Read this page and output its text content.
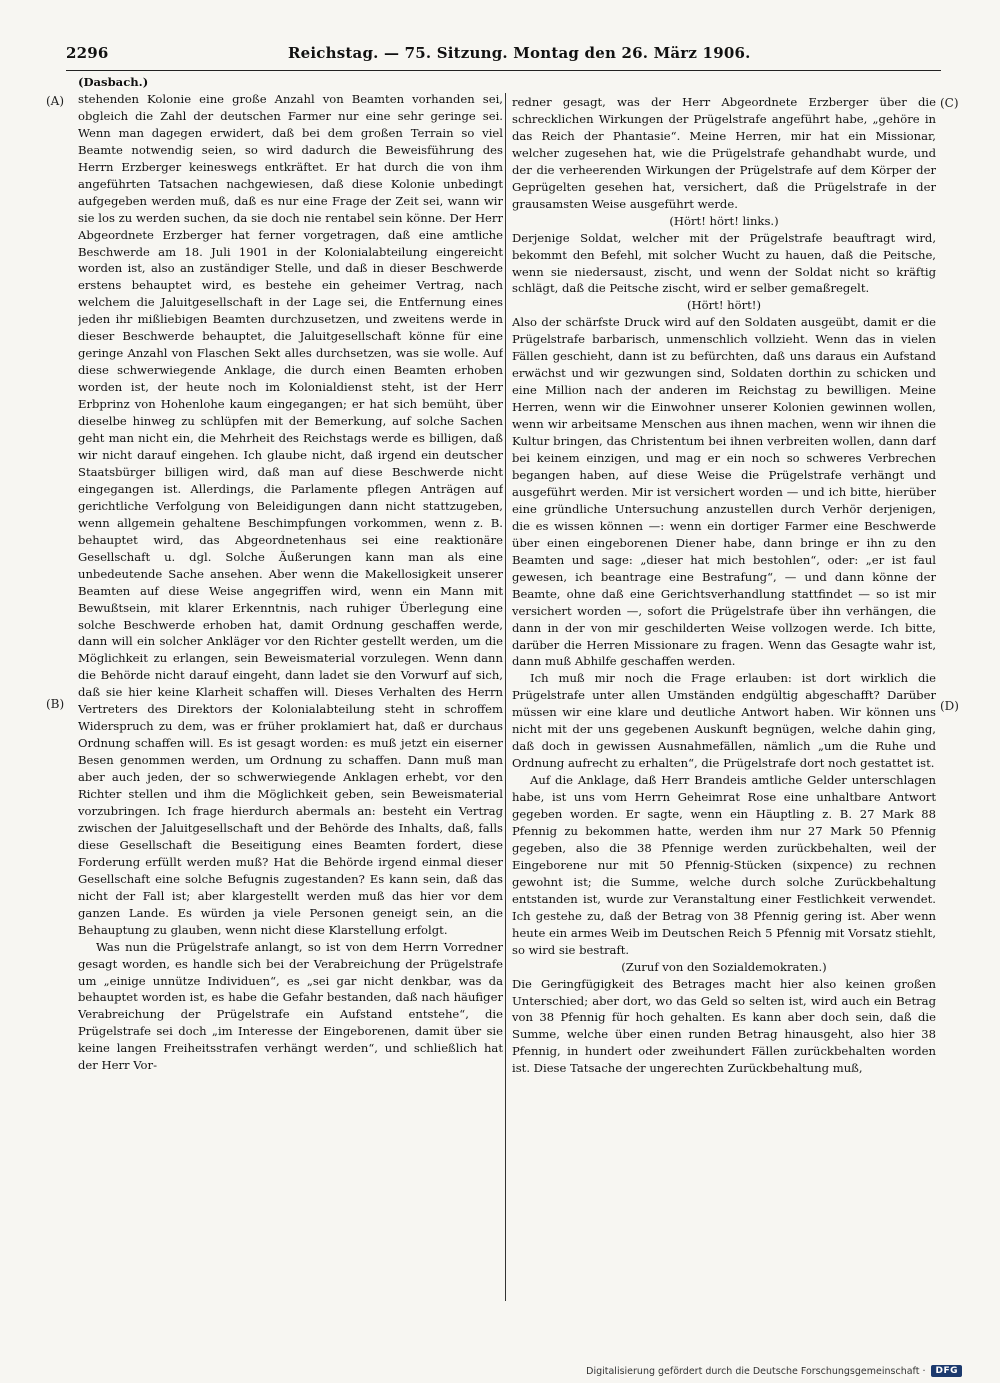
2296	Reichstag. — 75. Sitzung. Montag den 26. März 1906.
(A)
(B)
(C)
(D)

(Dasbach.)

stehenden Kolonie eine große Anzahl von Beamten vorhanden sei, obgleich die Zahl der deutschen Farmer nur eine sehr geringe sei. Wenn man dagegen erwidert, daß bei dem großen Terrain so viel Beamte notwendig seien, so wird dadurch die Beweisführung des Herrn Erzberger keineswegs entkräftet. Er hat durch die von ihm angeführten Tatsachen nachgewiesen, daß diese Kolonie unbedingt aufgegeben werden muß, daß es nur eine Frage der Zeit sei, wann wir sie los zu werden suchen, da sie doch nie rentabel sein könne. Der Herr Abgeordnete Erzberger hat ferner vorgetragen, daß eine amtliche Beschwerde am 18. Juli 1901 in der Kolonialabteilung eingereicht worden ist, also an zuständiger Stelle, und daß in dieser Beschwerde erstens behauptet wird, es bestehe ein geheimer Vertrag, nach welchem die Jaluitgesellschaft in der Lage sei, die Entfernung eines jeden ihr mißliebigen Beamten durchzusetzen, und zweitens werde in dieser Beschwerde behauptet, die Jaluitgesellschaft könne für eine geringe Anzahl von Flaschen Sekt alles durchsetzen, was sie wolle. Auf diese schwerwiegende Anklage, die durch einen Beamten erhoben worden ist, der heute noch im Kolonialdienst steht, ist der Herr Erbprinz von Hohenlohe kaum eingegangen; er hat sich bemüht, über dieselbe hinweg zu schlüpfen mit der Bemerkung, auf solche Sachen geht man nicht ein, die Mehrheit des Reichstags werde es billigen, daß wir nicht darauf eingehen. Ich glaube nicht, daß irgend ein deutscher Staatsbürger billigen wird, daß man auf diese Beschwerde nicht eingegangen ist. Allerdings, die Parlamente pflegen Anträgen auf gerichtliche Verfolgung von Beleidigungen dann nicht stattzugeben, wenn allgemein gehaltene Beschimpfungen vorkommen, wenn z. B. behauptet wird, das Abgeordnetenhaus sei eine reaktionäre Gesellschaft u. dgl. Solche Äußerungen kann man als eine unbedeutende Sache ansehen. Aber wenn die Makellosigkeit unserer Beamten auf diese Weise angegriffen wird, wenn ein Mann mit Bewußtsein, mit klarer Erkenntnis, nach ruhiger Überlegung eine solche Beschwerde erhoben hat, damit Ordnung geschaffen werde, dann will ein solcher Ankläger vor den Richter gestellt werden, um die Möglichkeit zu erlangen, sein Beweismaterial vorzulegen. Wenn dann die Behörde nicht darauf eingeht, dann ladet sie den Vorwurf auf sich, daß sie hier keine Klarheit schaffen will. Dieses Verhalten des Herrn Vertreters des Direktors der Kolonialabteilung steht in schroffem Widerspruch zu dem, was er früher proklamiert hat, daß er durchaus Ordnung schaffen will. Es ist gesagt worden: es muß jetzt ein eiserner Besen genommen werden, um Ordnung zu schaffen. Dann muß man aber auch jeden, der so schwerwiegende Anklagen erhebt, vor den Richter stellen und ihm die Möglichkeit geben, sein Beweismaterial vorzubringen. Ich frage hierdurch abermals an: besteht ein Vertrag zwischen der Jaluitgesellschaft und der Behörde des Inhalts, daß, falls diese Gesellschaft die Beseitigung eines Beamten fordert, diese Forderung erfüllt werden muß? Hat die Behörde irgend einmal dieser Gesellschaft eine solche Befugnis zugestanden? Es kann sein, daß das nicht der Fall ist; aber klargestellt werden muß das hier vor dem ganzen Lande. Es würden ja viele Personen geneigt sein, an die Behauptung zu glauben, wenn nicht diese Klarstellung erfolgt.

Was nun die Prügelstrafe anlangt, so ist von dem Herrn Vorredner gesagt worden, es handle sich bei der Verabreichung der Prügelstrafe um „einige unnütze Individuen“, es „sei gar nicht denkbar, was da behauptet worden ist, es habe die Gefahr bestanden, daß nach häufiger Verabreichung der Prügelstrafe ein Aufstand entstehe“, die Prügelstrafe sei doch „im Interesse der Eingeborenen, damit über sie keine langen Freiheitsstrafen verhängt werden“, und schließlich hat der Herr Vor-

redner gesagt, was der Herr Abgeordnete Erzberger über die schrecklichen Wirkungen der Prügelstrafe angeführt habe, „gehöre in das Reich der Phantasie“. Meine Herren, mir hat ein Missionar, welcher zugesehen hat, wie die Prügelstrafe gehandhabt wurde, und der die verheerenden Wirkungen der Prügelstrafe auf dem Körper der Geprügelten gesehen hat, versichert, daß die Prügelstrafe in der grausamsten Weise ausgeführt werde.

(Hört! hört! links.)

Derjenige Soldat, welcher mit der Prügelstrafe beauftragt wird, bekommt den Befehl, mit solcher Wucht zu hauen, daß die Peitsche, wenn sie niedersaust, zischt, und wenn der Soldat nicht so kräftig schlägt, daß die Peitsche zischt, wird er selber gemaßregelt.

(Hört! hört!)

Also der schärfste Druck wird auf den Soldaten ausgeübt, damit er die Prügelstrafe barbarisch, unmenschlich vollzieht. Wenn das in vielen Fällen geschieht, dann ist zu befürchten, daß uns daraus ein Aufstand erwächst und wir gezwungen sind, Soldaten dorthin zu schicken und eine Million nach der anderen im Reichstag zu bewilligen. Meine Herren, wenn wir die Einwohner unserer Kolonien gewinnen wollen, wenn wir arbeitsame Menschen aus ihnen machen, wenn wir ihnen die Kultur bringen, das Christentum bei ihnen verbreiten wollen, dann darf bei keinem einzigen, und mag er ein noch so schweres Verbrechen begangen haben, auf diese Weise die Prügelstrafe verhängt und ausgeführt werden. Mir ist versichert worden — und ich bitte, hierüber eine gründliche Untersuchung anzustellen durch Verhör derjenigen, die es wissen können —: wenn ein dortiger Farmer eine Beschwerde über einen eingeborenen Diener habe, dann bringe er ihn zu den Beamten und sage: „dieser hat mich bestohlen“, oder: „er ist faul gewesen, ich beantrage eine Bestrafung“, — und dann könne der Beamte, ohne daß eine Gerichtsverhandlung stattfindet — so ist mir versichert worden —, sofort die Prügelstrafe über ihn verhängen, die dann in der von mir geschilderten Weise vollzogen werde. Ich bitte, darüber die Herren Missionare zu fragen. Wenn das Gesagte wahr ist, dann muß Abhilfe geschaffen werden.

Ich muß mir noch die Frage erlauben: ist dort wirklich die Prügelstrafe unter allen Umständen endgültig abgeschafft? Darüber müssen wir eine klare und deutliche Antwort haben. Wir können uns nicht mit der uns gegebenen Auskunft begnügen, welche dahin ging, daß doch in gewissen Ausnahmefällen, nämlich „um die Ruhe und Ordnung aufrecht zu erhalten“, die Prügelstrafe dort noch gestattet ist.

Auf die Anklage, daß Herr Brandeis amtliche Gelder unterschlagen habe, ist uns vom Herrn Geheimrat Rose eine unhaltbare Antwort gegeben worden. Er sagte, wenn ein Häuptling z. B. 27 Mark 88 Pfennig zu bekommen hatte, werden ihm nur 27 Mark 50 Pfennig gegeben, also die 38 Pfennige werden zurückbehalten, weil der Eingeborene nur mit 50 Pfennig-Stücken (sixpence) zu rechnen gewohnt ist; die Summe, welche durch solche Zurückbehaltung entstanden ist, wurde zur Veranstaltung einer Festlichkeit verwendet. Ich gestehe zu, daß der Betrag von 38 Pfennig gering ist. Aber wenn heute ein armes Weib im Deutschen Reich 5 Pfennig mit Vorsatz stiehlt, so wird sie bestraft.

(Zuruf von den Sozialdemokraten.)

Die Geringfügigkeit des Betrages macht hier also keinen großen Unterschied; aber dort, wo das Geld so selten ist, wird auch ein Betrag von 38 Pfennig für hoch gehalten. Es kann aber doch sein, daß die Summe, welche über einen runden Betrag hinausgeht, also hier 38 Pfennig, in hundert oder zweihundert Fällen zurückbehalten worden ist. Diese Tatsache der ungerechten Zurückbehaltung muß,

Digitalisierung gefördert durch die Deutsche Forschungsgemeinschaft ·	DFG
